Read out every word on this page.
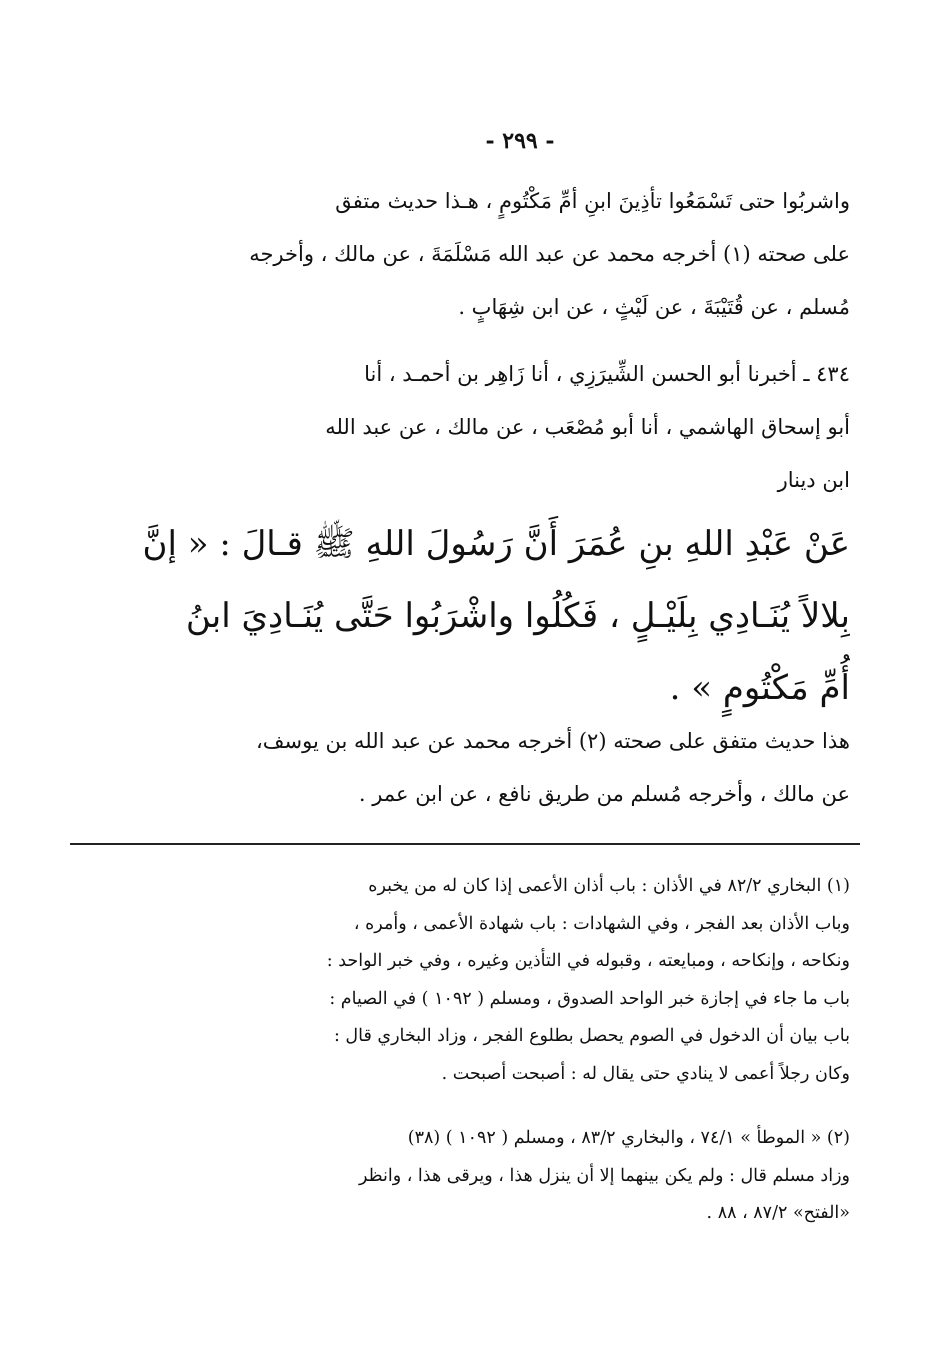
- ٢٩٩ -
واشربُوا حتى تَسْمَعُوا تأذِينَ ابنِ أمِّ مَكْتُومٍ ، هـذا حديث متفق
على صحته (١) أخرجه محمد عن عبد الله مَسْلَمَةَ ، عن مالك ، وأخرجه
مُسلم ، عن قُتَيْبَةَ ، عن لَيْثٍ ، عن ابن شِهَابٍ .
٤٣٤ ـ أخبرنا أبو الحسن الشِّيرَزِي ، أنا زَاهِر بن أحمـد ، أنا
أبو إسحاق الهاشمي ، أنا أبو مُصْعَب ، عن مالك ، عن عبد الله
ابن دينار
عَنْ عَبْدِ اللهِ بنِ عُمَرَ أَنَّ رَسُولَ اللهِ ﷺ قـالَ : « إنَّ
بِلالاً يُنَـادِي بِلَيْـلٍ ، فَكُلُوا واشْرَبُوا حَتَّى يُنَـادِيَ ابنُ
أُمِّ مَكْتُومٍ » .
هذا حديث متفق على صحته (٢) أخرجه محمد عن عبد الله بن يوسف،
عن مالك ، وأخرجه مُسلم من طريق نافع ، عن ابن عمر .
(١) البخاري ٨٢/٢ في الأذان : باب أذان الأعمى إذا كان له من يخبره
وباب الأذان بعد الفجر ، وفي الشهادات : باب شهادة الأعمى ، وأمره ،
ونكاحه ، وإنكاحه ، ومبايعته ، وقبوله في التأذين وغيره ، وفي خبر الواحد :
باب ما جاء في إجازة خبر الواحد الصدوق ، ومسلم ( ١٠٩٢ ) في الصيام :
باب بيان أن الدخول في الصوم يحصل بطلوع الفجر ، وزاد البخاري قال :
وكان رجلاً أعمى لا ينادي حتى يقال له : أصبحت أصبحت .
(٢) « الموطأ » ٧٤/١ ، والبخاري ٨٣/٢ ، ومسلم ( ١٠٩٢ ) (٣٨)
وزاد مسلم قال : ولم يكن بينهما إلا أن ينزل هذا ، ويرقى هذا ، وانظر
«الفتح» ٨٧/٢ ، ٨٨ .
